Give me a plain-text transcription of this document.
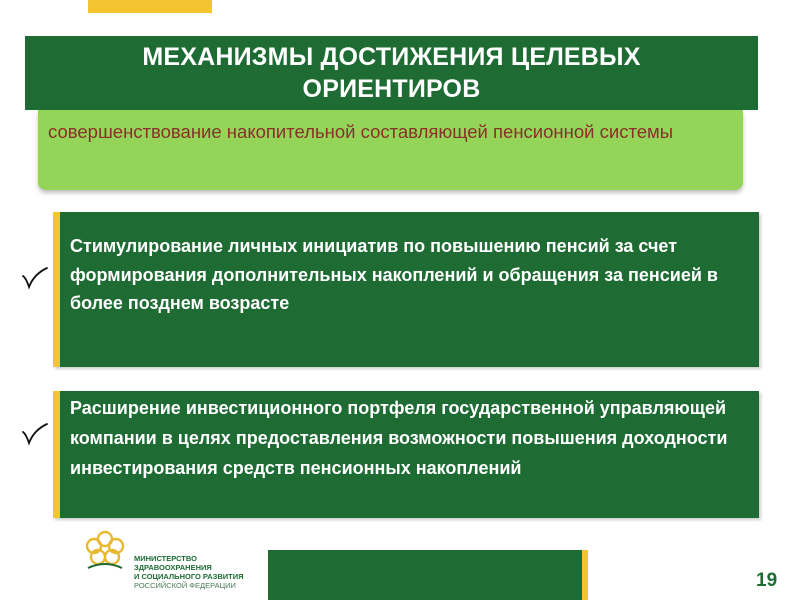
МЕХАНИЗМЫ ДОСТИЖЕНИЯ ЦЕЛЕВЫХ ОРИЕНТИРОВ

совершенствование накопительной составляющей пенсионной системы

Стимулирование личных инициатив по повышению пенсий за счет формирования дополнительных накоплений и обращения за пенсией в более позднем возрасте

Расширение инвестиционного портфеля государственной управляющей компании в целях предоставления возможности повышения доходности инвестирования средств пенсионных накоплений

МИНИСТЕРСТВО
ЗДРАВООХРАНЕНИЯ
И СОЦИАЛЬНОГО РАЗВИТИЯ
РОССИЙСКОЙ ФЕДЕРАЦИИ	19
